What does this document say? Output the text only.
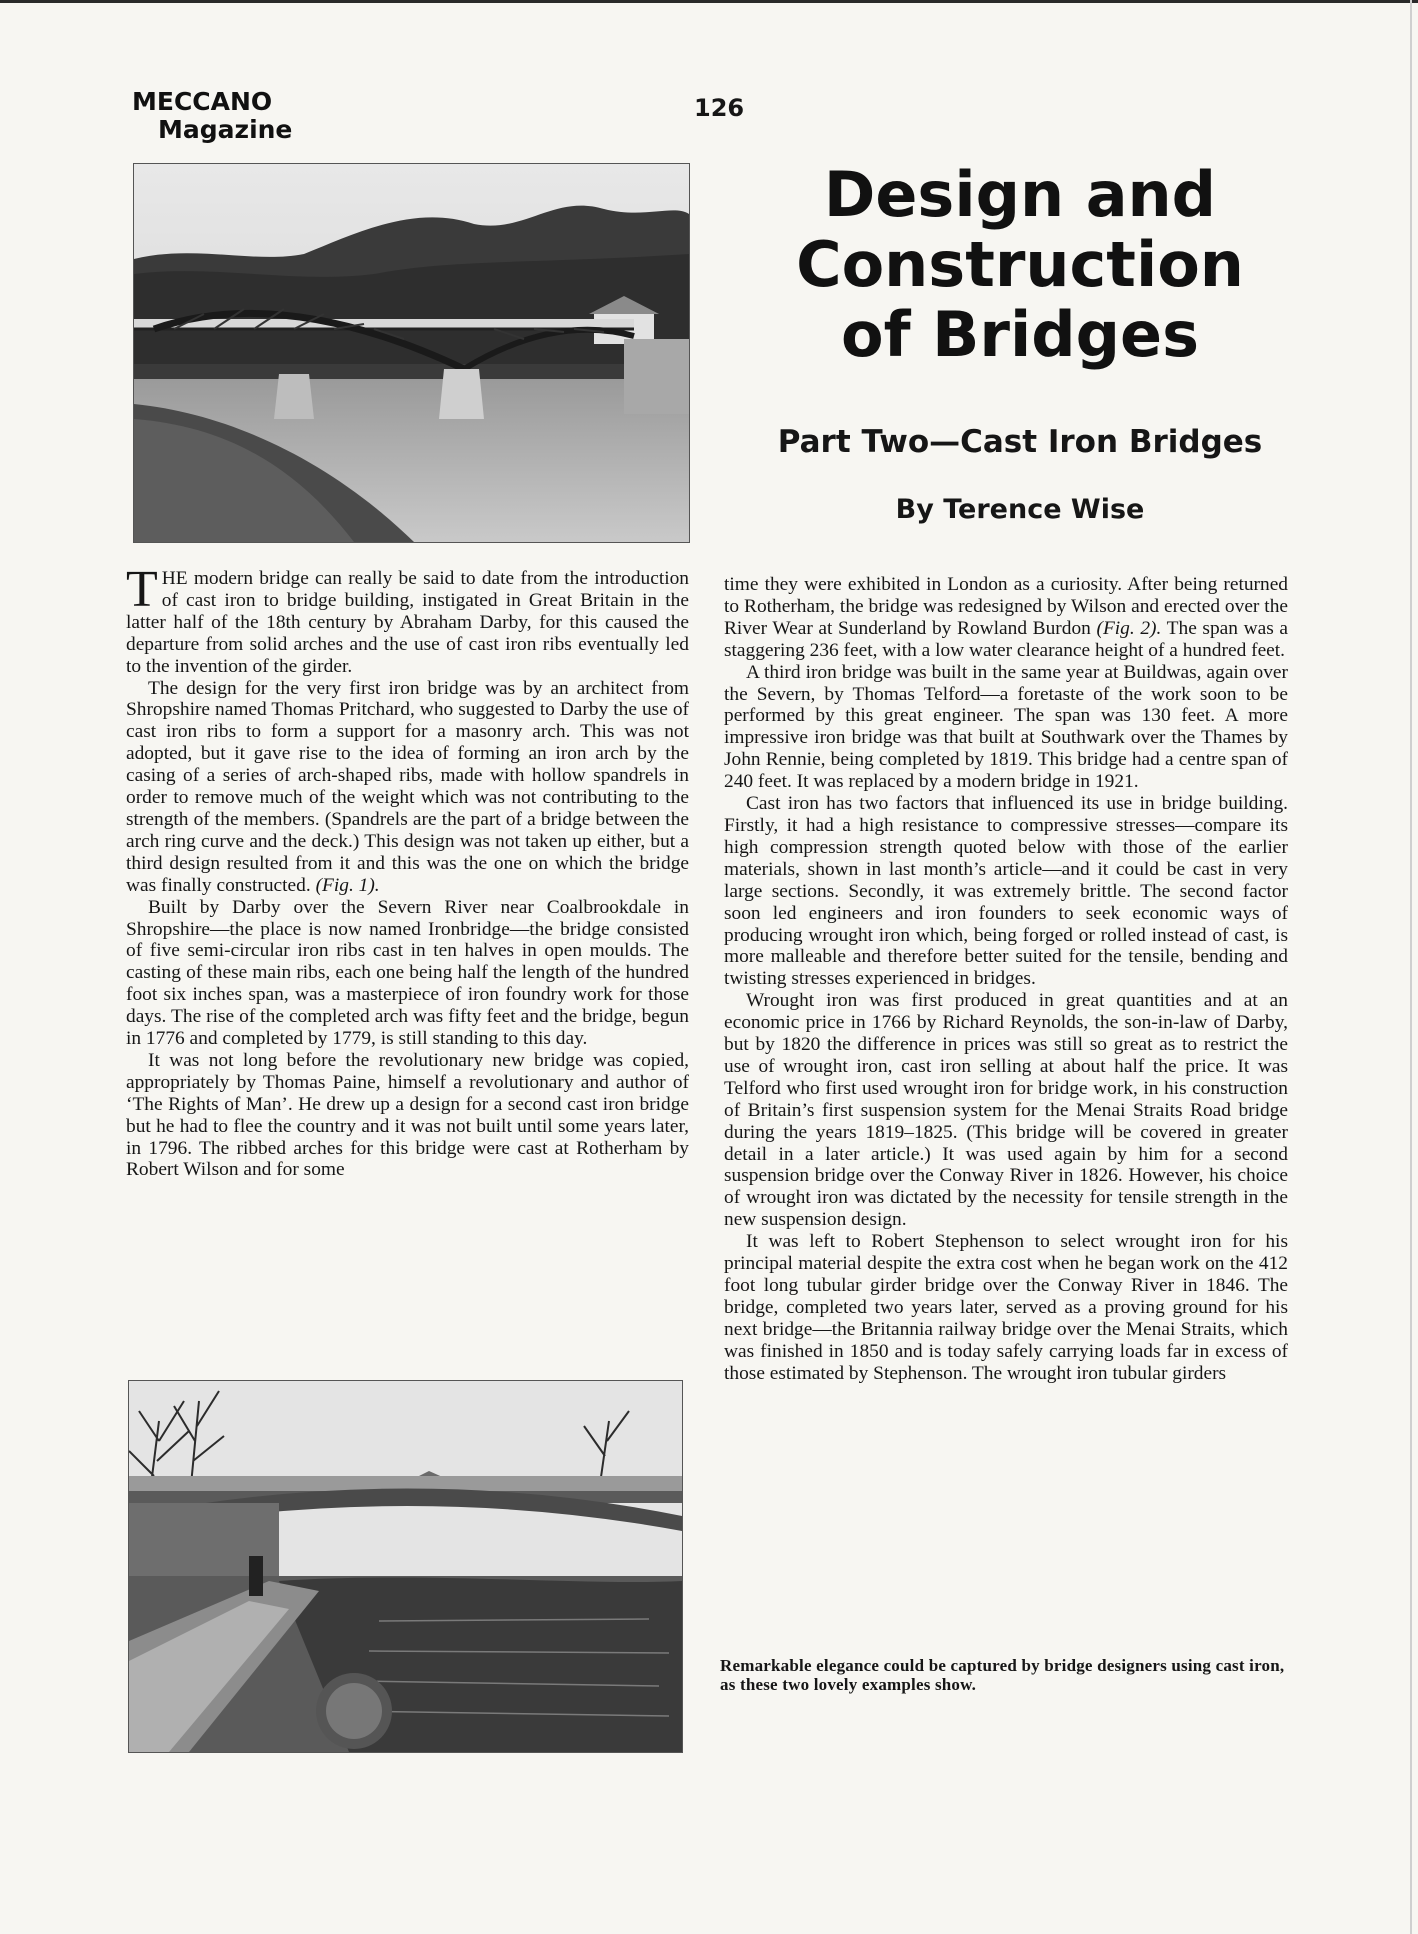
MECCANO
Magazine
126
Design and
Construction
of Bridges
Part Two—Cast Iron Bridges
By Terence Wise

THE modern bridge can really be said to date from the introduction of cast iron to bridge building, instigated in Great Britain in the latter half of the 18th century by Abraham Darby, for this caused the departure from solid arches and the use of cast iron ribs eventually led to the invention of the girder.

The design for the very first iron bridge was by an architect from Shropshire named Thomas Pritchard, who suggested to Darby the use of cast iron ribs to form a support for a masonry arch. This was not adopted, but it gave rise to the idea of forming an iron arch by the casing of a series of arch-shaped ribs, made with hollow spandrels in order to remove much of the weight which was not contributing to the strength of the members. (Spandrels are the part of a bridge between the arch ring curve and the deck.) This design was not taken up either, but a third design resulted from it and this was the one on which the bridge was finally constructed. (Fig. 1).

Built by Darby over the Severn River near Coalbrookdale in Shropshire—the place is now named Ironbridge—the bridge consisted of five semi-circular iron ribs cast in ten halves in open moulds. The casting of these main ribs, each one being half the length of the hundred foot six inches span, was a masterpiece of iron foundry work for those days. The rise of the completed arch was fifty feet and the bridge, begun in 1776 and completed by 1779, is still standing to this day.

It was not long before the revolutionary new bridge was copied, appropriately by Thomas Paine, himself a revolutionary and author of ‘The Rights of Man’. He drew up a design for a second cast iron bridge but he had to flee the country and it was not built until some years later, in 1796. The ribbed arches for this bridge were cast at Rotherham by Robert Wilson and for some

time they were exhibited in London as a curiosity. After being returned to Rotherham, the bridge was redesigned by Wilson and erected over the River Wear at Sunderland by Rowland Burdon (Fig. 2). The span was a staggering 236 feet, with a low water clearance height of a hundred feet.

A third iron bridge was built in the same year at Buildwas, again over the Severn, by Thomas Telford—a foretaste of the work soon to be performed by this great engineer. The span was 130 feet. A more impressive iron bridge was that built at Southwark over the Thames by John Rennie, being completed by 1819. This bridge had a centre span of 240 feet. It was replaced by a modern bridge in 1921.

Cast iron has two factors that influenced its use in bridge building. Firstly, it had a high resistance to compressive stresses—compare its high compression strength quoted below with those of the earlier materials, shown in last month’s article—and it could be cast in very large sections. Secondly, it was extremely brittle. The second factor soon led engineers and iron founders to seek economic ways of producing wrought iron which, being forged or rolled instead of cast, is more malleable and therefore better suited for the tensile, bending and twisting stresses experienced in bridges.

Wrought iron was first produced in great quantities and at an economic price in 1766 by Richard Reynolds, the son-in-law of Darby, but by 1820 the difference in prices was still so great as to restrict the use of wrought iron, cast iron selling at about half the price. It was Telford who first used wrought iron for bridge work, in his construction of Britain’s first suspension system for the Menai Straits Road bridge during the years 1819–1825. (This bridge will be covered in greater detail in a later article.) It was used again by him for a second suspension bridge over the Conway River in 1826. However, his choice of wrought iron was dictated by the necessity for tensile strength in the new suspension design.

It was left to Robert Stephenson to select wrought iron for his principal material despite the extra cost when he began work on the 412 foot long tubular girder bridge over the Conway River in 1846. The bridge, completed two years later, served as a proving ground for his next bridge—the Britannia railway bridge over the Menai Straits, which was finished in 1850 and is today safely carrying loads far in excess of those estimated by Stephenson. The wrought iron tubular girders

Remarkable elegance could be captured by bridge designers using cast iron, as these two lovely examples show.
